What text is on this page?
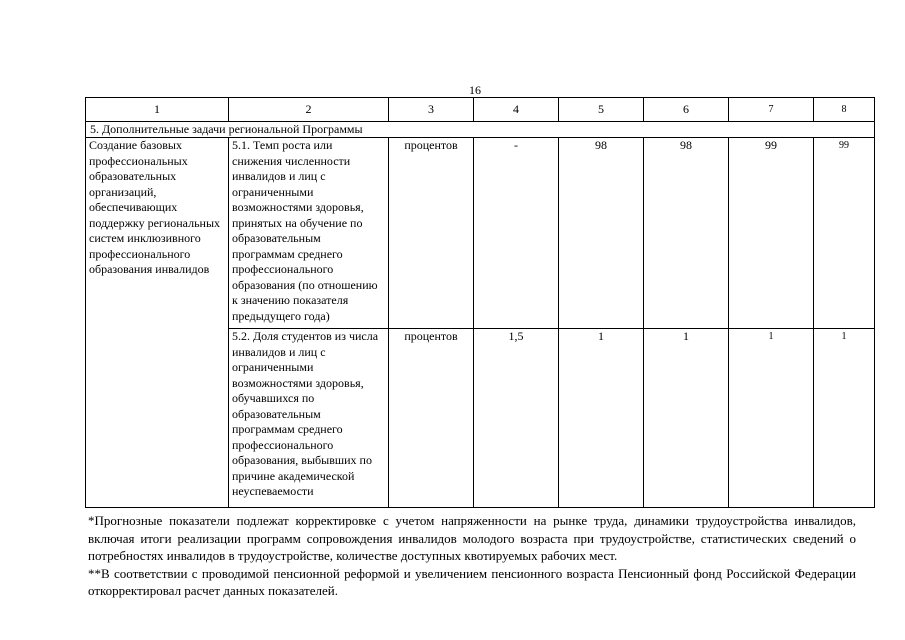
16
1	2	3	4	5	6	7	8
5. Дополнительные задачи региональной Программы							
Создание базовых профессиональных образовательных организаций, обеспечивающих поддержку региональных систем инклюзивного профессионального образования инвалидов	5.1. Темп роста или снижения численности инвалидов и лиц с ограниченными возможностями здоровья, принятых на обучение по образовательным программам среднего профессионального образования (по отношению к значению показателя предыдущего года)	процентов	-	98	98	99	99
	5.2. Доля студентов из числа инвалидов и лиц с ограниченными возможностями здоровья, обучавшихся по образовательным программам среднего профессионального образования, выбывших по причине академической неуспеваемости	процентов	1,5	1	1	1	1

*Прогнозные показатели подлежат корректировке с учетом напряженности на рынке труда, динамики трудоустройства инвалидов, включая итоги реализации программ сопровождения инвалидов молодого возраста при трудоустройстве, статистических сведений о потребностях инвалидов в трудоустройстве, количестве доступных квотируемых рабочих мест.

**В соответствии с проводимой пенсионной реформой и увеличением пенсионного возраста Пенсионный фонд Российской Федерации откорректировал расчет данных показателей.
